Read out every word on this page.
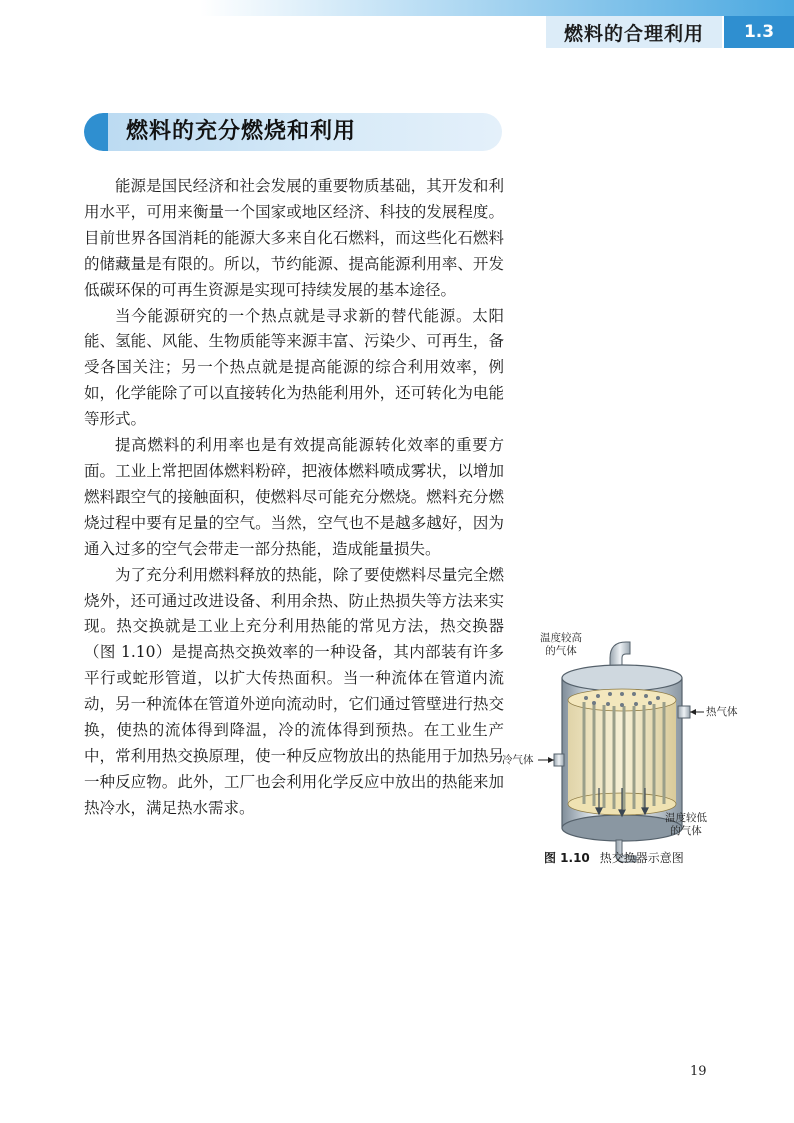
燃料的合理利用	1.3
燃料的充分燃烧和利用

能源是国民经济和社会发展的重要物质基础，其开发和利用水平，可用来衡量一个国家或地区经济、科技的发展程度。目前世界各国消耗的能源大多来自化石燃料，而这些化石燃料的储藏量是有限的。所以，节约能源、提高能源利用率、开发低碳环保的可再生资源是实现可持续发展的基本途径。

当今能源研究的一个热点就是寻求新的替代能源。太阳能、氢能、风能、生物质能等来源丰富、污染少、可再生，备受各国关注；另一个热点就是提高能源的综合利用效率，例如，化学能除了可以直接转化为热能利用外，还可转化为电能等形式。

提高燃料的利用率也是有效提高能源转化效率的重要方面。工业上常把固体燃料粉碎，把液体燃料喷成雾状，以增加燃料跟空气的接触面积，使燃料尽可能充分燃烧。燃料充分燃烧过程中要有足量的空气。当然，空气也不是越多越好，因为通入过多的空气会带走一部分热能，造成能量损失。

为了充分利用燃料释放的热能，除了要使燃料尽量完全燃烧外，还可通过改进设备、利用余热、防止热损失等方法来实现。热交换就是工业上充分利用热能的常见方法，热交换器（图 1.10）是提高热交换效率的一种设备，其内部装有许多平行或蛇形管道，以扩大传热面积。当一种流体在管道内流动，另一种流体在管道外逆向流动时，它们通过管壁进行热交换，使热的流体得到降温，冷的流体得到预热。在工业生产中，常利用热交换原理，使一种反应物放出的热能用于加热另一种反应物。此外，工厂也会利用化学反应中放出的热能来加热冷水，满足热水需求。

温度较高
的气体
热气体
冷气体
温度较低
的气体
图 1.10 热交换器示意图
19
